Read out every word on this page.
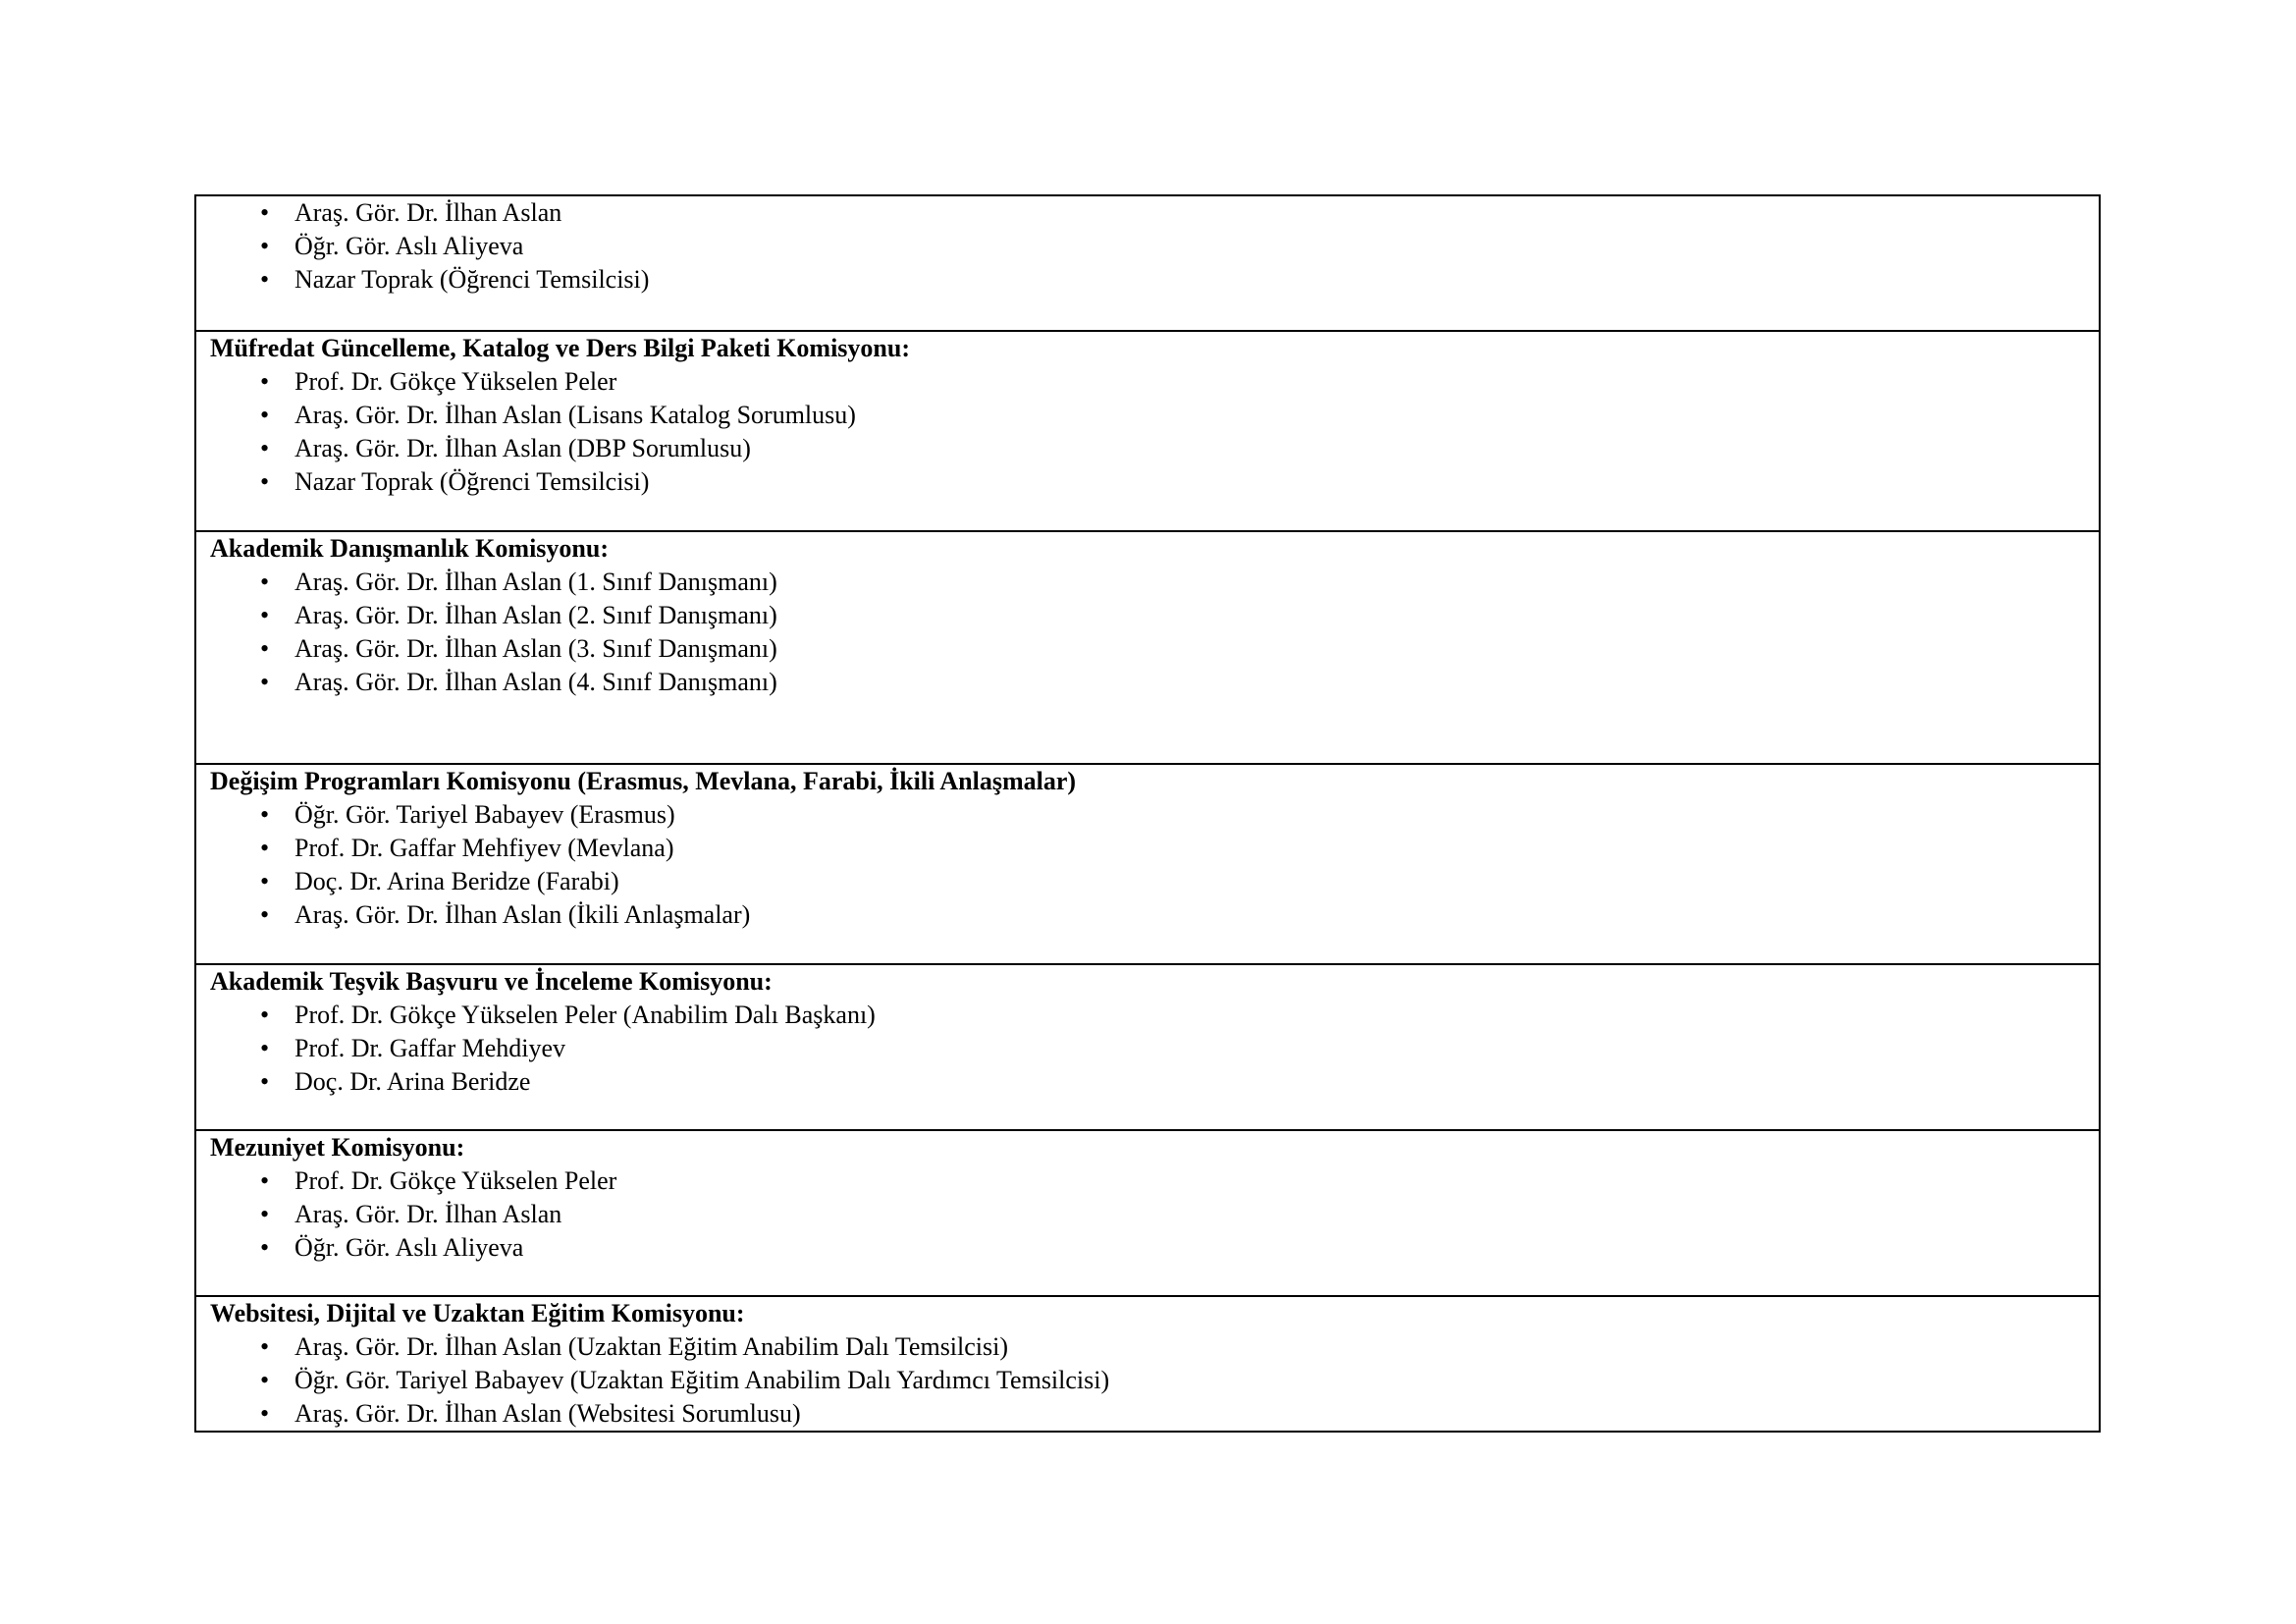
• Araş. Gör. Dr. İlhan Aslan
• Öğr. Gör. Aslı Aliyeva
• Nazar Toprak (Öğrenci Temsilcisi)

Müfredat Güncelleme, Katalog ve Ders Bilgi Paketi Komisyonu:
• Prof. Dr. Gökçe Yükselen Peler
• Araş. Gör. Dr. İlhan Aslan (Lisans Katalog Sorumlusu)
• Araş. Gör. Dr. İlhan Aslan (DBP Sorumlusu)
• Nazar Toprak (Öğrenci Temsilcisi)

Akademik Danışmanlık Komisyonu:
• Araş. Gör. Dr. İlhan Aslan (1. Sınıf Danışmanı)
• Araş. Gör. Dr. İlhan Aslan (2. Sınıf Danışmanı)
• Araş. Gör. Dr. İlhan Aslan (3. Sınıf Danışmanı)
• Araş. Gör. Dr. İlhan Aslan (4. Sınıf Danışmanı)

Değişim Programları Komisyonu (Erasmus, Mevlana, Farabi, İkili Anlaşmalar)
• Öğr. Gör. Tariyel Babayev (Erasmus)
• Prof. Dr. Gaffar Mehfiyev (Mevlana)
• Doç. Dr. Arina Beridze (Farabi)
• Araş. Gör. Dr. İlhan Aslan (İkili Anlaşmalar)

Akademik Teşvik Başvuru ve İnceleme Komisyonu:
• Prof. Dr. Gökçe Yükselen Peler (Anabilim Dalı Başkanı)
• Prof. Dr. Gaffar Mehdiyev
• Doç. Dr. Arina Beridze

Mezuniyet Komisyonu:
• Prof. Dr. Gökçe Yükselen Peler
• Araş. Gör. Dr. İlhan Aslan
• Öğr. Gör. Aslı Aliyeva

Websitesi, Dijital ve Uzaktan Eğitim Komisyonu:
• Araş. Gör. Dr. İlhan Aslan (Uzaktan Eğitim Anabilim Dalı Temsilcisi)
• Öğr. Gör. Tariyel Babayev (Uzaktan Eğitim Anabilim Dalı Yardımcı Temsilcisi)
• Araş. Gör. Dr. İlhan Aslan (Websitesi Sorumlusu)
